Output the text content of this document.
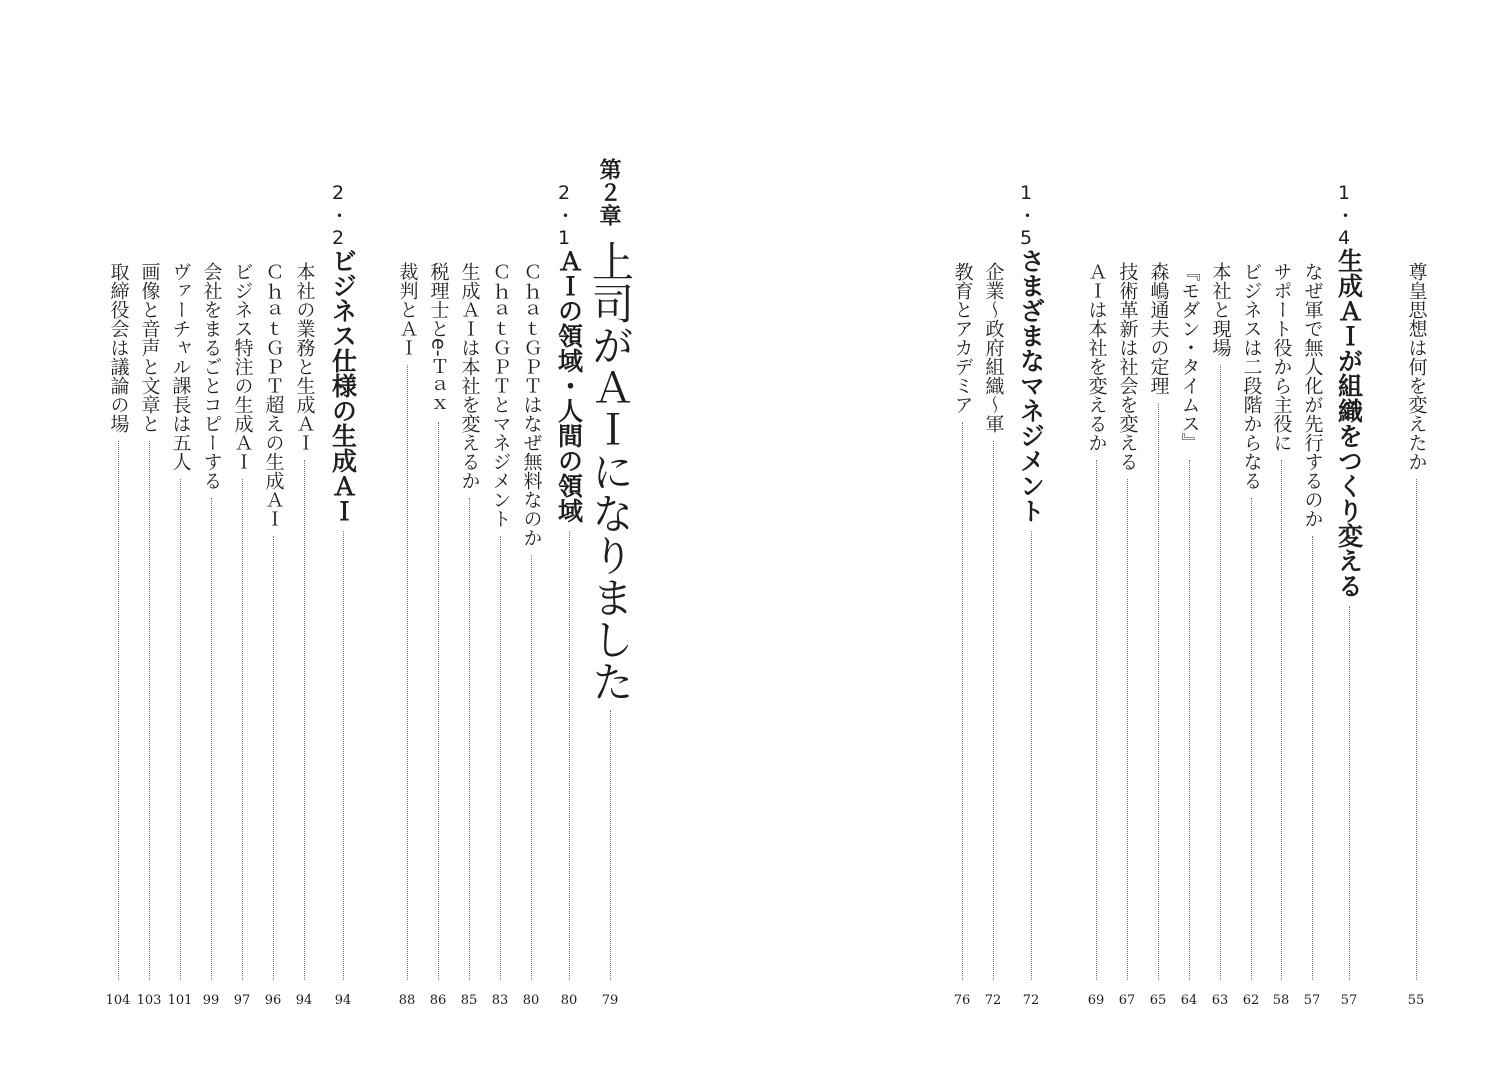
尊皇思想は何を変えたか
55
1・4
生成ＡＩが組織をつくり変える
57
なぜ軍で無人化が先行するのか
57
サポート役から主役に
58
ビジネスは二段階からなる
62
本社と現場
63
『モダン・タイムス』
64
森嶋通夫の定理
65
技術革新は社会を変える
67
ＡＩは本社を変えるか
69
1・5
さまざまなマネジメント
72
企業〜政府組織〜軍
72
教育とアカデミア
76
第２章
上司がＡＩになりました
79
2・1
ＡＩの領域・人間の領域
80
ＣｈａｔＧＰＴはなぜ無料なのか
80
ＣｈａｔＧＰＴとマネジメント
83
生成ＡＩは本社を変えるか
85
税理士とe-Ｔａｘ
86
裁判とＡＩ
88
2・2
ビジネス仕様の生成ＡＩ
94
本社の業務と生成ＡＩ
94
ＣｈａｔＧＰＴ超えの生成ＡＩ
96
ビジネス特注の生成ＡＩ
97
会社をまるごとコピーする
99
ヴァーチャル課長は五人
101
画像と音声と文章と
103
取締役会は議論の場
104
